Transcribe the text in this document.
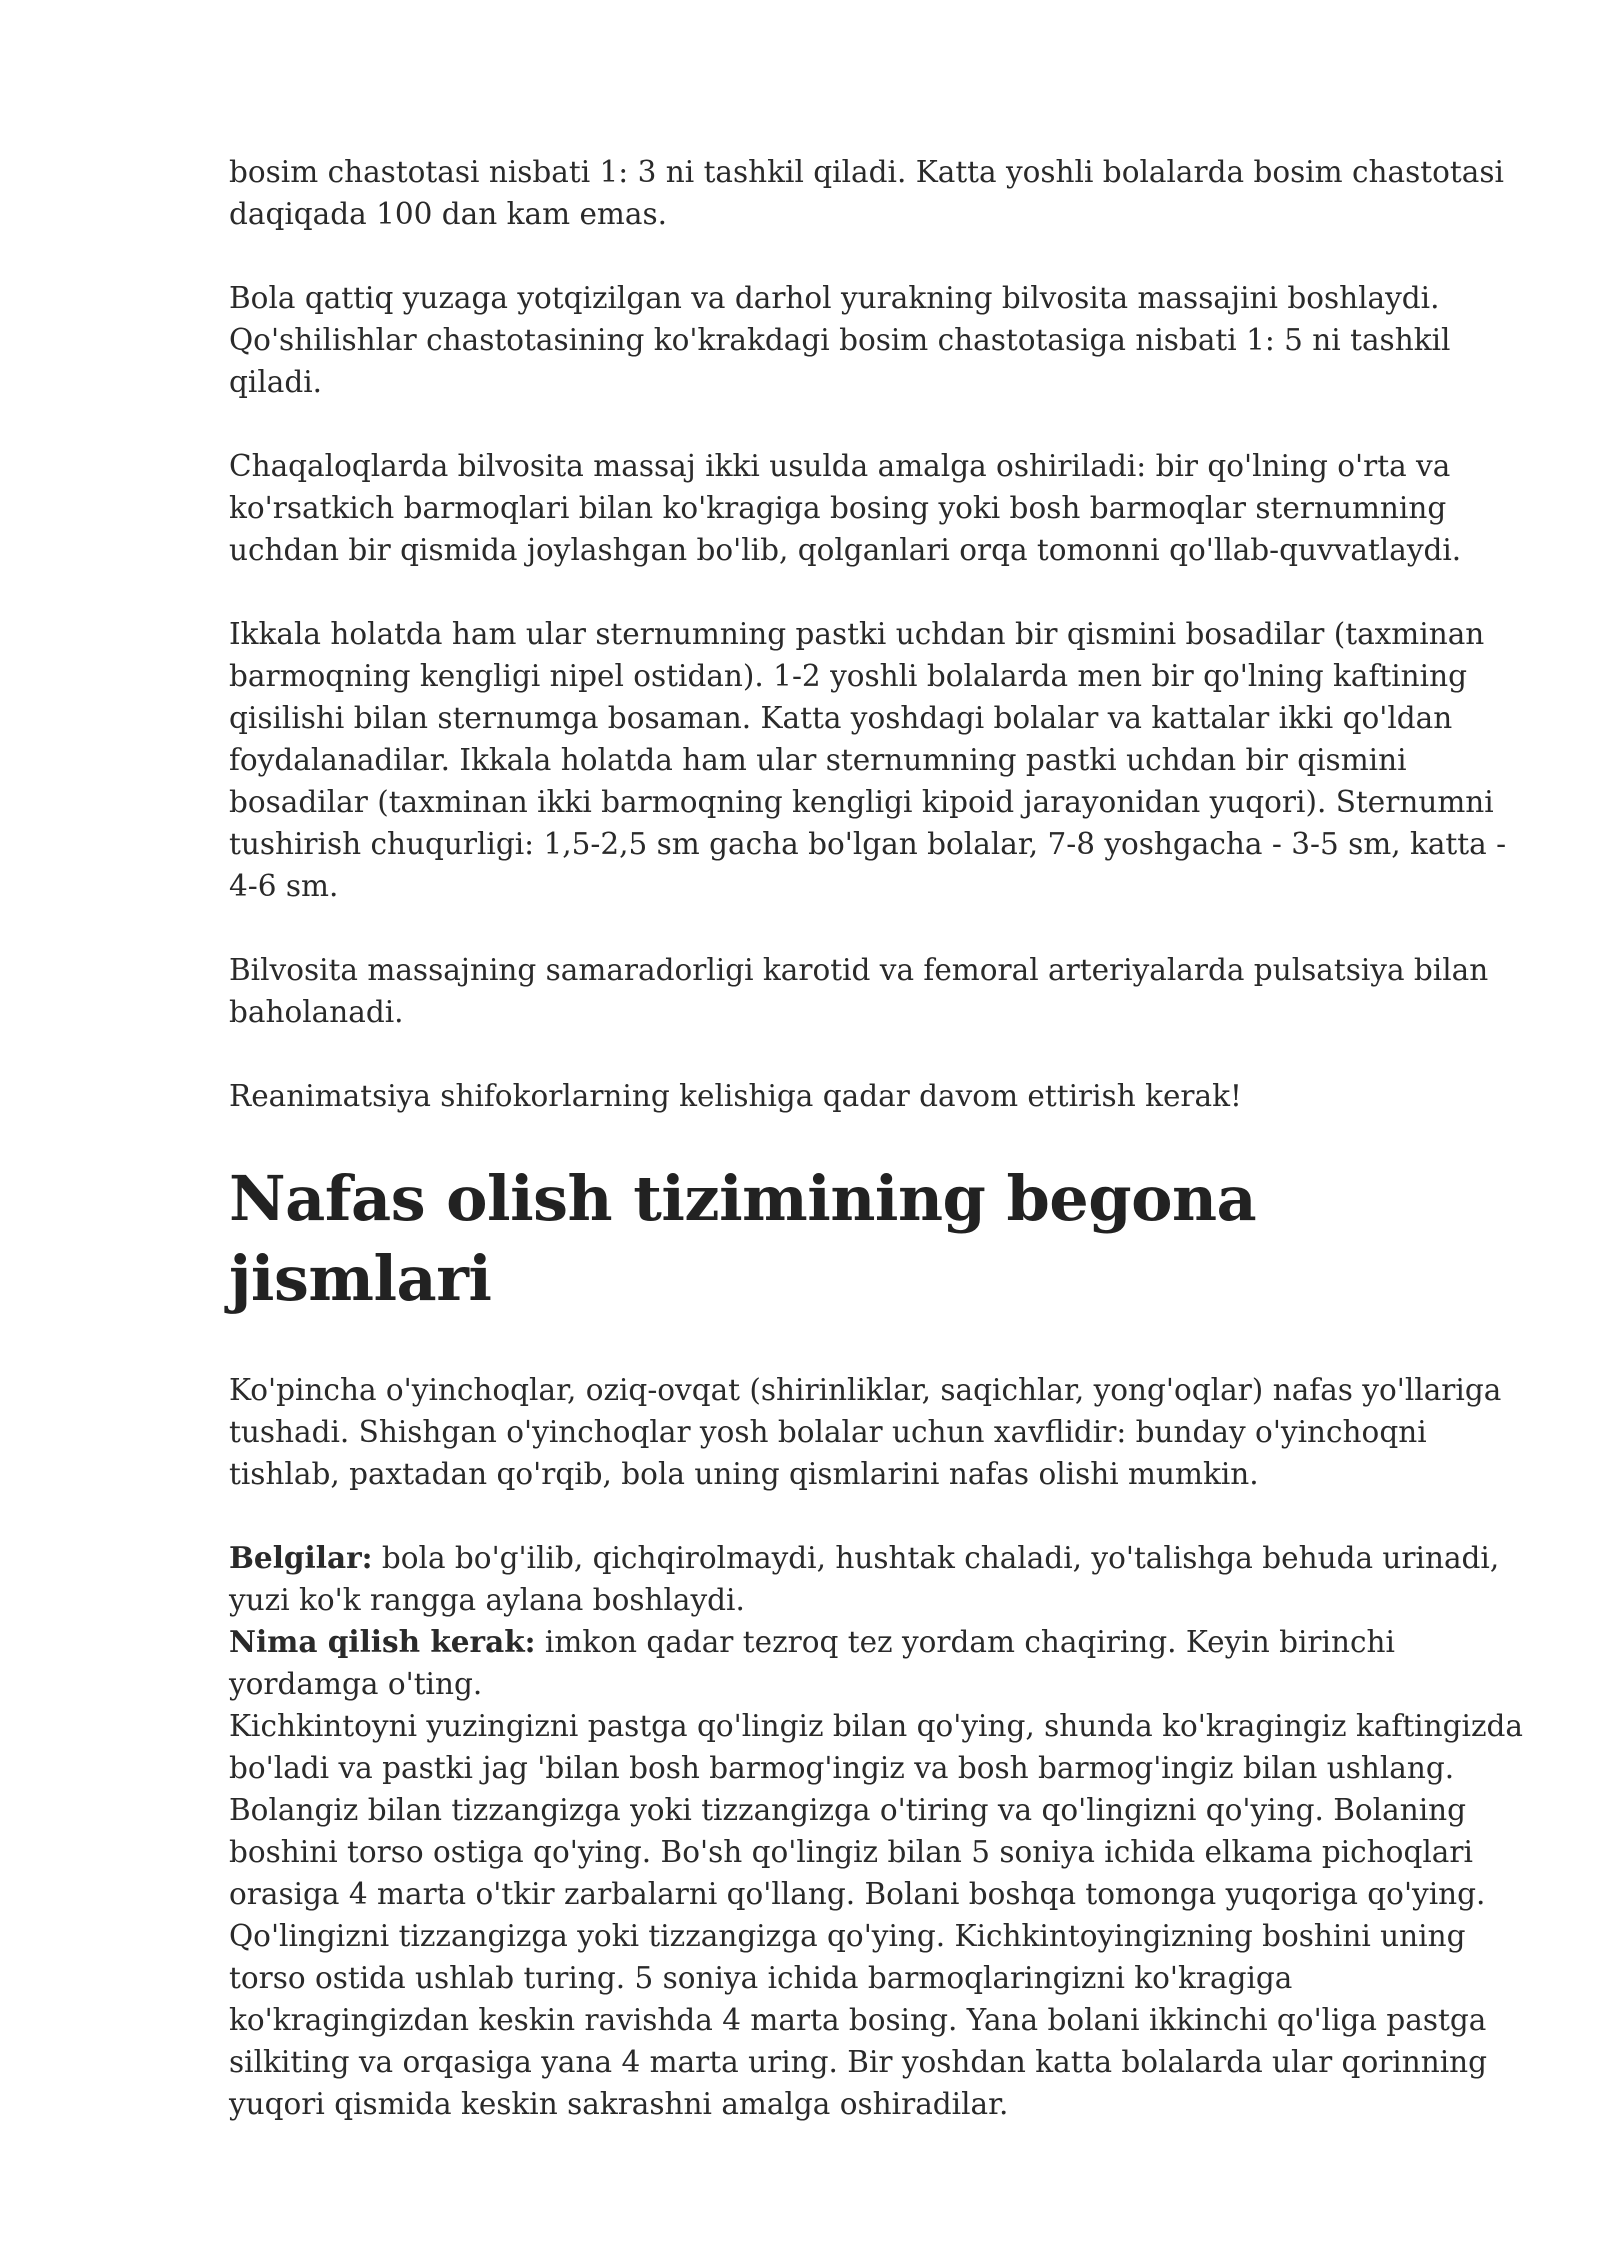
bosim chastotasi nisbati 1: 3 ni tashkil qiladi. Katta yoshli bolalarda bosim chastotasi daqiqada 100 dan kam emas.

Bola qattiq yuzaga yotqizilgan va darhol yurakning bilvosita massajini boshlaydi. Qo'shilishlar chastotasining ko'krakdagi bosim chastotasiga nisbati 1: 5 ni tashkil qiladi.

Chaqaloqlarda bilvosita massaj ikki usulda amalga oshiriladi: bir qo'lning o'rta va ko'rsatkich barmoqlari bilan ko'kragiga bosing yoki bosh barmoqlar sternumning uchdan bir qismida joylashgan bo'lib, qolganlari orqa tomonni qo'llab-quvvatlaydi.

Ikkala holatda ham ular sternumning pastki uchdan bir qismini bosadilar (taxminan barmoqning kengligi nipel ostidan). 1-2 yoshli bolalarda men bir qo'lning kaftining qisilishi bilan sternumga bosaman. Katta yoshdagi bolalar va kattalar ikki qo'ldan foydalanadilar. Ikkala holatda ham ular sternumning pastki uchdan bir qismini bosadilar (taxminan ikki barmoqning kengligi kipoid jarayonidan yuqori). Sternumni tushirish chuqurligi: 1,5-2,5 sm gacha bo'lgan bolalar, 7-8 yoshgacha - 3-5 sm, katta - 4-6 sm.

Bilvosita massajning samaradorligi karotid va femoral arteriyalarda pulsatsiya bilan baholanadi.

Reanimatsiya shifokorlarning kelishiga qadar davom ettirish kerak!

Nafas olish tizimining begona jismlari

Ko'pincha o'yinchoqlar, oziq-ovqat (shirinliklar, saqichlar, yong'oqlar) nafas yo'llariga tushadi. Shishgan o'yinchoqlar yosh bolalar uchun xavflidir: bunday o'yinchoqni tishlab, paxtadan qo'rqib, bola uning qismlarini nafas olishi mumkin.

Belgilar: bola bo'g'ilib, qichqirolmaydi, hushtak chaladi, yo'talishga behuda urinadi, yuzi ko'k rangga aylana boshlaydi.

Nima qilish kerak: imkon qadar tezroq tez yordam chaqiring. Keyin birinchi yordamga o'ting.

Kichkintoyni yuzingizni pastga qo'lingiz bilan qo'ying, shunda ko'kragingiz kaftingizda bo'ladi va pastki jag 'bilan bosh barmog'ingiz va bosh barmog'ingiz bilan ushlang. Bolangiz bilan tizzangizga yoki tizzangizga o'tiring va qo'lingizni qo'ying. Bolaning boshini torso ostiga qo'ying. Bo'sh qo'lingiz bilan 5 soniya ichida elkama pichoqlari orasiga 4 marta o'tkir zarbalarni qo'llang. Bolani boshqa tomonga yuqoriga qo'ying. Qo'lingizni tizzangizga yoki tizzangizga qo'ying. Kichkintoyingizning boshini uning torso ostida ushlab turing. 5 soniya ichida barmoqlaringizni ko'kragiga ko'kragingizdan keskin ravishda 4 marta bosing. Yana bolani ikkinchi qo'liga pastga silkiting va orqasiga yana 4 marta uring. Bir yoshdan katta bolalarda ular qorinning yuqori qismida keskin sakrashni amalga oshiradilar.
